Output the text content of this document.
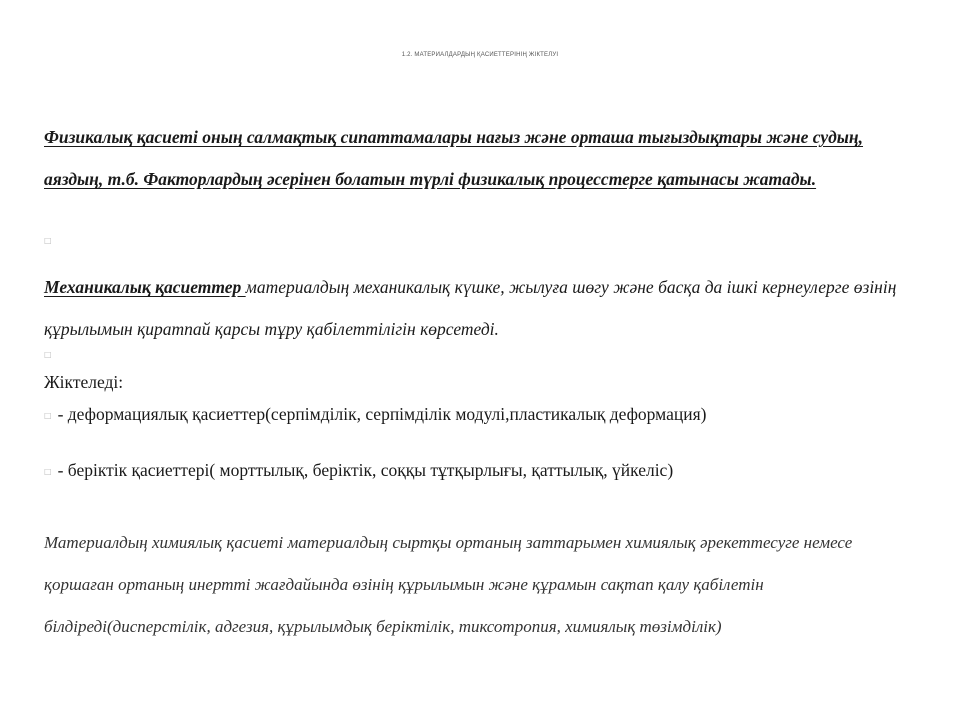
1.2. МАТЕРИАЛДАРДЫҢ ҚАСИЕТТЕРІНІҢ ЖІКТЕЛУІ
Физикалық қасиеті оның салмақтық сипаттамалары нағыз және орташа тығыздықтары және судың, аяздың, т.б. Факторлардың әсерінен болатын түрлі физикалық процесстерге қатынасы жатады.
□
Механикалық қасиеттер материалдың механикалық күшке, жылуға шөгу және басқа да ішкі кернеулерге өзінің құрылымын қиратпай қарсы тұру қабілеттілігін көрсетеді.
□
Жіктеледі:
□ - деформациялық қасиеттер(серпімділік, серпімділік модулі,пластикалық деформация)
□ - беріктік қасиеттері( морттылық, беріктік, соққы тұтқырлығы, қаттылық, үйкеліс)
Материалдың химиялық қасиеті материалдың сыртқы ортаның заттарымен химиялық әрекеттесуге немесе қоршаған ортаның инертті жағдайында өзінің құрылымын және құрамын сақтап қалу қабілетін білдіреді(дисперстілік, адгезия, құрылымдық беріктілік, тиксотропия, химиялық төзімділік)
